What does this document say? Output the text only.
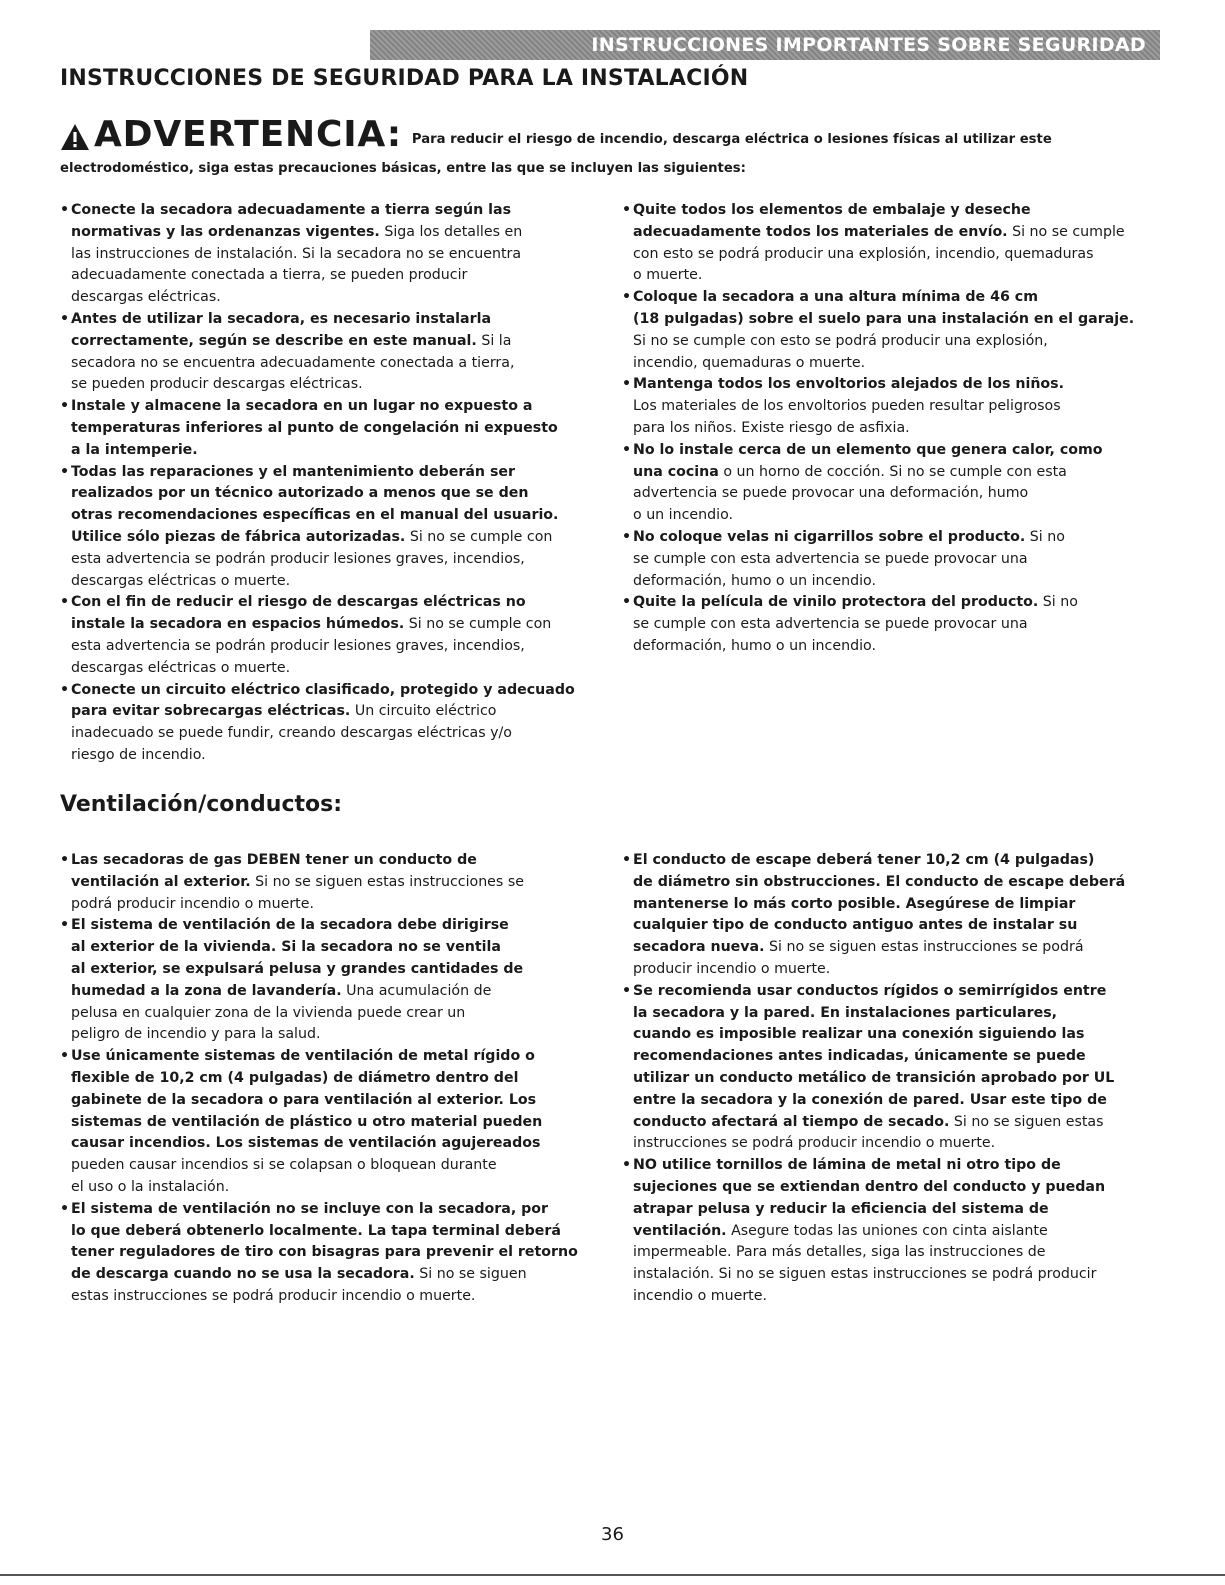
INSTRUCCIONES IMPORTANTES SOBRE SEGURIDAD
INSTRUCCIONES DE SEGURIDAD PARA LA INSTALACIÓN
ADVERTENCIA: Para reducir el riesgo de incendio, descarga eléctrica o lesiones físicas al utilizar este
electrodoméstico, siga estas precauciones básicas, entre las que se incluyen las siguientes:
• Conecte la secadora adecuadamente a tierra según las
normativas y las ordenanzas vigentes. Siga los detalles en
las instrucciones de instalación. Si la secadora no se encuentra
adecuadamente conectada a tierra, se pueden producir
descargas eléctricas.
• Antes de utilizar la secadora, es necesario instalarla
correctamente, según se describe en este manual. Si la
secadora no se encuentra adecuadamente conectada a tierra,
se pueden producir descargas eléctricas.
• Instale y almacene la secadora en un lugar no expuesto a
temperaturas inferiores al punto de congelación ni expuesto
a la intemperie.
• Todas las reparaciones y el mantenimiento deberán ser
realizados por un técnico autorizado a menos que se den
otras recomendaciones específicas en el manual del usuario.
Utilice sólo piezas de fábrica autorizadas. Si no se cumple con
esta advertencia se podrán producir lesiones graves, incendios,
descargas eléctricas o muerte.
• Con el fin de reducir el riesgo de descargas eléctricas no
instale la secadora en espacios húmedos. Si no se cumple con
esta advertencia se podrán producir lesiones graves, incendios,
descargas eléctricas o muerte.
• Conecte un circuito eléctrico clasificado, protegido y adecuado
para evitar sobrecargas eléctricas. Un circuito eléctrico
inadecuado se puede fundir, creando descargas eléctricas y/o
riesgo de incendio.
• Quite todos los elementos de embalaje y deseche
adecuadamente todos los materiales de envío. Si no se cumple
con esto se podrá producir una explosión, incendio, quemaduras
o muerte.
• Coloque la secadora a una altura mínima de 46 cm
(18 pulgadas) sobre el suelo para una instalación en el garaje.
Si no se cumple con esto se podrá producir una explosión,
incendio, quemaduras o muerte.
• Mantenga todos los envoltorios alejados de los niños.
Los materiales de los envoltorios pueden resultar peligrosos
para los niños. Existe riesgo de asfixia.
• No lo instale cerca de un elemento que genera calor, como
una cocina o un horno de cocción. Si no se cumple con esta
advertencia se puede provocar una deformación, humo
o un incendio.
• No coloque velas ni cigarrillos sobre el producto. Si no
se cumple con esta advertencia se puede provocar una
deformación, humo o un incendio.
• Quite la película de vinilo protectora del producto. Si no
se cumple con esta advertencia se puede provocar una
deformación, humo o un incendio.
Ventilación/conductos:
• Las secadoras de gas DEBEN tener un conducto de
ventilación al exterior. Si no se siguen estas instrucciones se
podrá producir incendio o muerte.
• El sistema de ventilación de la secadora debe dirigirse
al exterior de la vivienda. Si la secadora no se ventila
al exterior, se expulsará pelusa y grandes cantidades de
humedad a la zona de lavandería. Una acumulación de
pelusa en cualquier zona de la vivienda puede crear un
peligro de incendio y para la salud.
• Use únicamente sistemas de ventilación de metal rígido o
flexible de 10,2 cm (4 pulgadas) de diámetro dentro del
gabinete de la secadora o para ventilación al exterior. Los
sistemas de ventilación de plástico u otro material pueden
causar incendios. Los sistemas de ventilación agujereados
pueden causar incendios si se colapsan o bloquean durante
el uso o la instalación.
• El sistema de ventilación no se incluye con la secadora, por
lo que deberá obtenerlo localmente. La tapa terminal deberá
tener reguladores de tiro con bisagras para prevenir el retorno
de descarga cuando no se usa la secadora. Si no se siguen
estas instrucciones se podrá producir incendio o muerte.
• El conducto de escape deberá tener 10,2 cm (4 pulgadas)
de diámetro sin obstrucciones. El conducto de escape deberá
mantenerse lo más corto posible. Asegúrese de limpiar
cualquier tipo de conducto antiguo antes de instalar su
secadora nueva. Si no se siguen estas instrucciones se podrá
producir incendio o muerte.
• Se recomienda usar conductos rígidos o semirrígidos entre
la secadora y la pared. En instalaciones particulares,
cuando es imposible realizar una conexión siguiendo las
recomendaciones antes indicadas, únicamente se puede
utilizar un conducto metálico de transición aprobado por UL
entre la secadora y la conexión de pared. Usar este tipo de
conducto afectará al tiempo de secado. Si no se siguen estas
instrucciones se podrá producir incendio o muerte.
• NO utilice tornillos de lámina de metal ni otro tipo de
sujeciones que se extiendan dentro del conducto y puedan
atrapar pelusa y reducir la eficiencia del sistema de
ventilación. Asegure todas las uniones con cinta aislante
impermeable. Para más detalles, siga las instrucciones de
instalación. Si no se siguen estas instrucciones se podrá producir
incendio o muerte.
36
